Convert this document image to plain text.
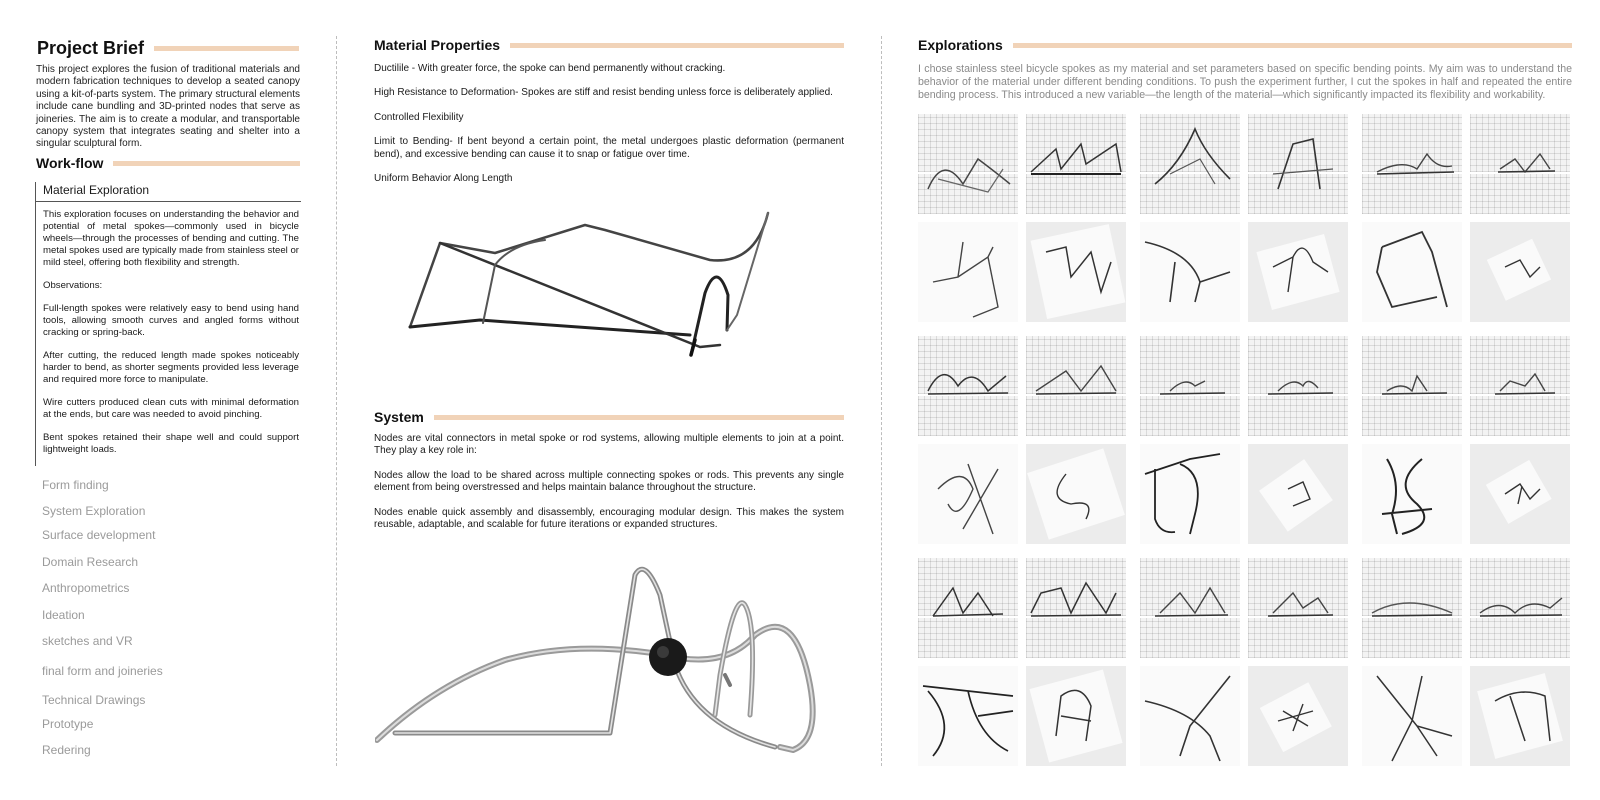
Project Brief
This project explores the fusion of traditional materials and modern fabrication techniques to develop a seated canopy using a kit-of-parts system. The primary structural elements include cane bundling and 3D-printed nodes that serve as joineries. The aim is to create a modular, and transportable canopy system that integrates seating and shelter into a singular sculptural form.
Work-flow
Material Exploration

This exploration focuses on understanding the behavior and potential of metal spokes—commonly used in bicycle wheels—through the processes of bending and cutting. The metal spokes used are typically made from stainless steel or mild steel, offering both flexibility and strength.

Observations:

Full-length spokes were relatively easy to bend using hand tools, allowing smooth curves and angled forms without cracking or spring-back.

After cutting, the reduced length made spokes noticeably harder to bend, as shorter segments provided less leverage and required more force to manipulate.

Wire cutters produced clean cuts with minimal deformation at the ends, but care was needed to avoid pinching.

Bent spokes retained their shape well and could support lightweight loads.

Form finding
System Exploration
Surface development
Domain Research
Anthropometrics
Ideation
sketches and VR
final form and joineries
Technical Drawings
Prototype
Redering
Material Properties

Ductilile - With greater force, the spoke can bend permanently without cracking.

High Resistance to Deformation- Spokes are stiff and resist bending unless force is deliberately applied.

Controlled Flexibility

Limit to Bending- If bent beyond a certain point, the metal undergoes plastic deformation (permanent bend), and excessive bending can cause it to snap or fatigue over time.

Uniform Behavior Along Length

System

Nodes are vital connectors in metal spoke or rod systems, allowing multiple elements to join at a point. They play a key role in:

Nodes allow the load to be shared across multiple connecting spokes or rods. This prevents any single element from being overstressed and helps maintain balance throughout the structure.

Nodes enable quick assembly and disassembly, encouraging modular design. This makes the system reusable, adaptable, and scalable for future iterations or expanded structures.

Explorations
I chose stainless steel bicycle spokes as my material and set parameters based on specific bending points. My aim was to understand the behavior of the material under different bending conditions. To push the experiment further, I cut the spokes in half and repeated the entire bending process. This introduced a new variable—the length of the material—which significantly impacted its flexibility and workability.
